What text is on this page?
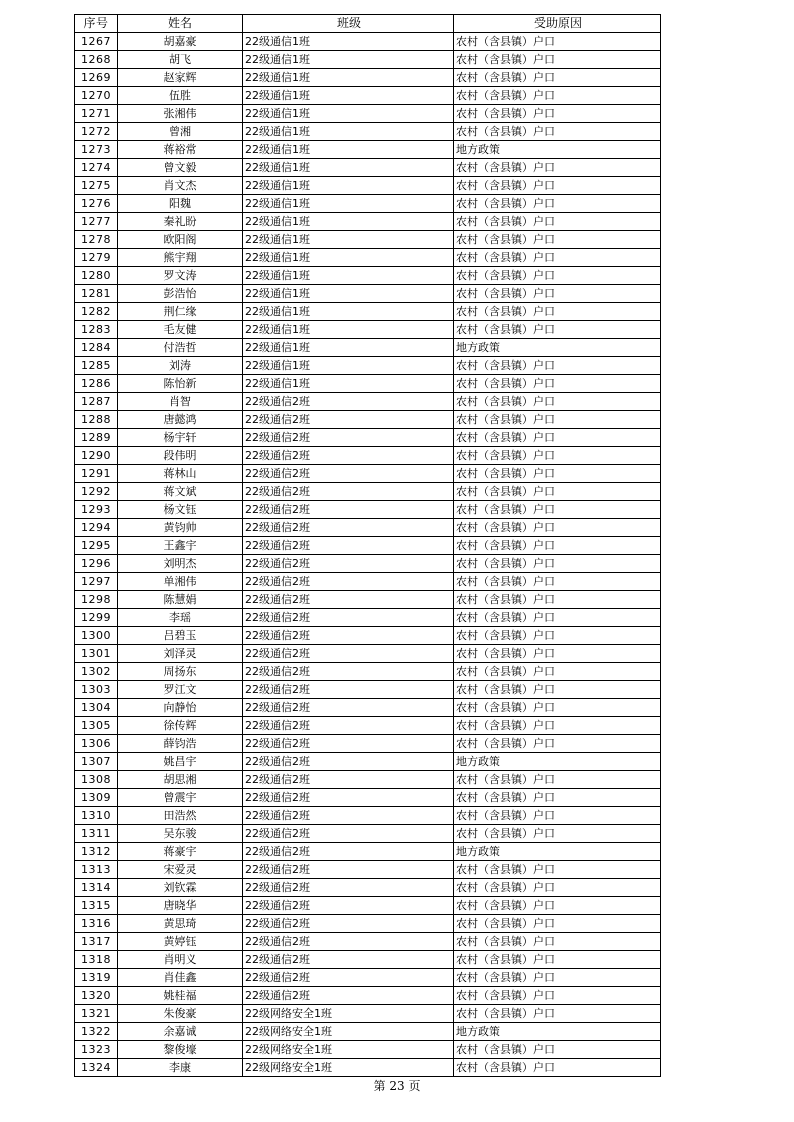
序号	姓名	班级	受助原因
1267	胡嘉豪	22级通信1班	农村（含县镇）户口
1268	胡飞	22级通信1班	农村（含县镇）户口
1269	赵家辉	22级通信1班	农村（含县镇）户口
1270	伍胜	22级通信1班	农村（含县镇）户口
1271	张湘伟	22级通信1班	农村（含县镇）户口
1272	曾湘	22级通信1班	农村（含县镇）户口
1273	蒋裕常	22级通信1班	地方政策
1274	曾文毅	22级通信1班	农村（含县镇）户口
1275	肖文杰	22级通信1班	农村（含县镇）户口
1276	阳魏	22级通信1班	农村（含县镇）户口
1277	秦礼盼	22级通信1班	农村（含县镇）户口
1278	欧阳阁	22级通信1班	农村（含县镇）户口
1279	熊宇翔	22级通信1班	农村（含县镇）户口
1280	罗文涛	22级通信1班	农村（含县镇）户口
1281	彭浩怡	22级通信1班	农村（含县镇）户口
1282	荆仁缘	22级通信1班	农村（含县镇）户口
1283	毛友健	22级通信1班	农村（含县镇）户口
1284	付浩哲	22级通信1班	地方政策
1285	刘涛	22级通信1班	农村（含县镇）户口
1286	陈怡新	22级通信1班	农村（含县镇）户口
1287	肖智	22级通信2班	农村（含县镇）户口
1288	唐懿鸿	22级通信2班	农村（含县镇）户口
1289	杨宇轩	22级通信2班	农村（含县镇）户口
1290	段伟明	22级通信2班	农村（含县镇）户口
1291	蒋林山	22级通信2班	农村（含县镇）户口
1292	蒋文斌	22级通信2班	农村（含县镇）户口
1293	杨文钰	22级通信2班	农村（含县镇）户口
1294	黄钧帅	22级通信2班	农村（含县镇）户口
1295	王鑫宇	22级通信2班	农村（含县镇）户口
1296	刘明杰	22级通信2班	农村（含县镇）户口
1297	单湘伟	22级通信2班	农村（含县镇）户口
1298	陈慧娟	22级通信2班	农村（含县镇）户口
1299	李瑶	22级通信2班	农村（含县镇）户口
1300	吕碧玉	22级通信2班	农村（含县镇）户口
1301	刘泽灵	22级通信2班	农村（含县镇）户口
1302	周扬东	22级通信2班	农村（含县镇）户口
1303	罗江文	22级通信2班	农村（含县镇）户口
1304	向静怡	22级通信2班	农村（含县镇）户口
1305	徐传辉	22级通信2班	农村（含县镇）户口
1306	薛钧浩	22级通信2班	农村（含县镇）户口
1307	姚昌宇	22级通信2班	地方政策
1308	胡思湘	22级通信2班	农村（含县镇）户口
1309	曾震宇	22级通信2班	农村（含县镇）户口
1310	田浩然	22级通信2班	农村（含县镇）户口
1311	吴东骏	22级通信2班	农村（含县镇）户口
1312	蒋豪宇	22级通信2班	地方政策
1313	宋爱灵	22级通信2班	农村（含县镇）户口
1314	刘钦霖	22级通信2班	农村（含县镇）户口
1315	唐晓华	22级通信2班	农村（含县镇）户口
1316	黄思琦	22级通信2班	农村（含县镇）户口
1317	黄婷钰	22级通信2班	农村（含县镇）户口
1318	肖明义	22级通信2班	农村（含县镇）户口
1319	肖佳鑫	22级通信2班	农村（含县镇）户口
1320	姚桂福	22级通信2班	农村（含县镇）户口
1321	朱俊豪	22级网络安全1班	农村（含县镇）户口
1322	余嘉诚	22级网络安全1班	地方政策
1323	黎俊壕	22级网络安全1班	农村（含县镇）户口
1324	李康	22级网络安全1班	农村（含县镇）户口
第 23 页
